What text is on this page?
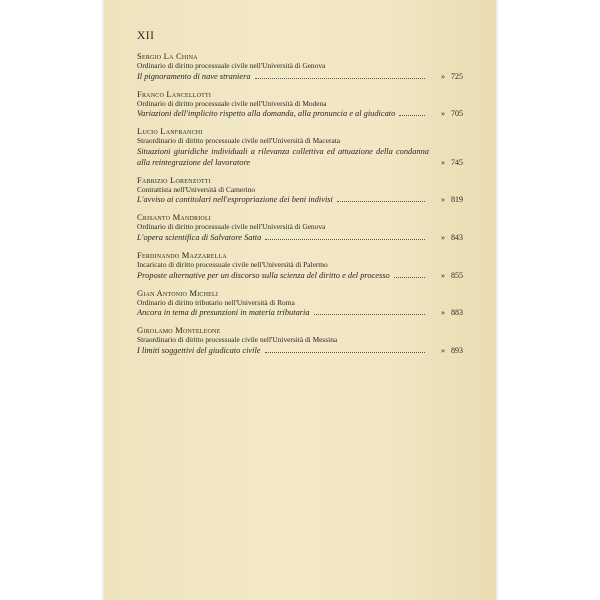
XII
Sergio La China
Ordinario di diritto processuale civile nell'Università di Genova
Il pignoramento di nave straniera	»   725
Franco Lancellotti
Ordinario di diritto processuale civile nell'Università di Modena
Variazioni dell'implicito rispetto alla domanda, alla pronuncia e al giudicato	»   705
Lucio Lanfranchi
Straordinario di diritto processuale civile nell'Università di Macerata
Situazioni giuridiche individuali a rilevanza collettiva ed attuazione della condanna alla reintegrazione del lavoratore	»   745
Fabrizio Lorenzotti
Contrattista nell'Università di Camerino
L'avviso ai contitolari nell'espropriazione dei beni indivisi	»   819
Crisanto Mandrioli
Ordinario di diritto processuale civile nell'Università di Genova
L'opera scientifica di Salvatore Satta	»   843
Ferdinando Mazzarella
Incaricato di diritto processuale civile nell'Università di Palermo
Proposte alternative per un discorso sulla scienza del diritto e del processo	»   855
Gian Antonio Micheli
Ordinario di diritto tributario nell'Università di Roma
Ancora in tema di presunzioni in materia tributaria	»   883
Girolamo Monteleone
Straordinario di diritto processuale civile nell'Università di Messina
I limiti soggettivi del giudicato civile	»   893
